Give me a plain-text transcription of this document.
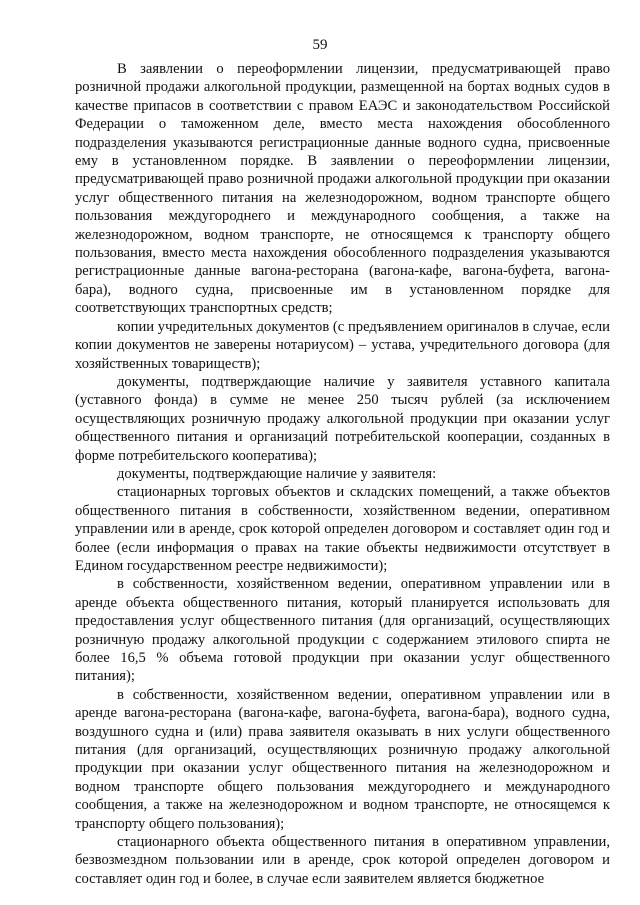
59

В заявлении о переоформлении лицензии, предусматривающей право розничной продажи алкогольной продукции, размещенной на бортах водных судов в качестве припасов в соответствии с правом ЕАЭС и законодательством Российской Федерации о таможенном деле, вместо места нахождения обособленного подразделения указываются регистрационные данные водного судна, присвоенные ему в установленном порядке. В заявлении о переоформлении лицензии, предусматривающей право розничной продажи алкогольной продукции при оказании услуг общественного питания на железнодорожном, водном транспорте общего пользования междугороднего и международного сообщения, а также на железнодорожном, водном транспорте, не относящемся к транспорту общего пользования, вместо места нахождения обособленного подразделения указываются регистрационные данные вагона-ресторана (вагона-кафе, вагона-буфета, вагона-бара), водного судна, присвоенные им в установленном порядке для соответствующих транспортных средств;

копии учредительных документов (с предъявлением оригиналов в случае, если копии документов не заверены нотариусом) – устава, учредительного договора (для хозяйственных товариществ);

документы, подтверждающие наличие у заявителя уставного капитала (уставного фонда) в сумме не менее 250 тысяч рублей (за исключением осуществляющих розничную продажу алкогольной продукции при оказании услуг общественного питания и организаций потребительской кооперации, созданных в форме потребительского кооператива);

документы, подтверждающие наличие у заявителя:

стационарных торговых объектов и складских помещений, а также объектов общественного питания в собственности, хозяйственном ведении, оперативном управлении или в аренде, срок которой определен договором и составляет один год и более (если информация о правах на такие объекты недвижимости отсутствует в Едином государственном реестре недвижимости);

в собственности, хозяйственном ведении, оперативном управлении или в аренде объекта общественного питания, который планируется использовать для предоставления услуг общественного питания (для организаций, осуществляющих розничную продажу алкогольной продукции с содержанием этилового спирта не более 16,5 % объема готовой продукции при оказании услуг общественного питания);

в собственности, хозяйственном ведении, оперативном управлении или в аренде вагона-ресторана (вагона-кафе, вагона-буфета, вагона-бара), водного судна, воздушного судна и (или) права заявителя оказывать в них услуги общественного питания (для организаций, осуществляющих розничную продажу алкогольной продукции при оказании услуг общественного питания на железнодорожном и водном транспорте общего пользования междугороднего и международного сообщения, а также на железнодорожном и водном транспорте, не относящемся к транспорту общего пользования);

стационарного объекта общественного питания в оперативном управлении, безвозмездном пользовании или в аренде, срок которой определен договором и составляет один год и более, в случае если заявителем является бюджетное
